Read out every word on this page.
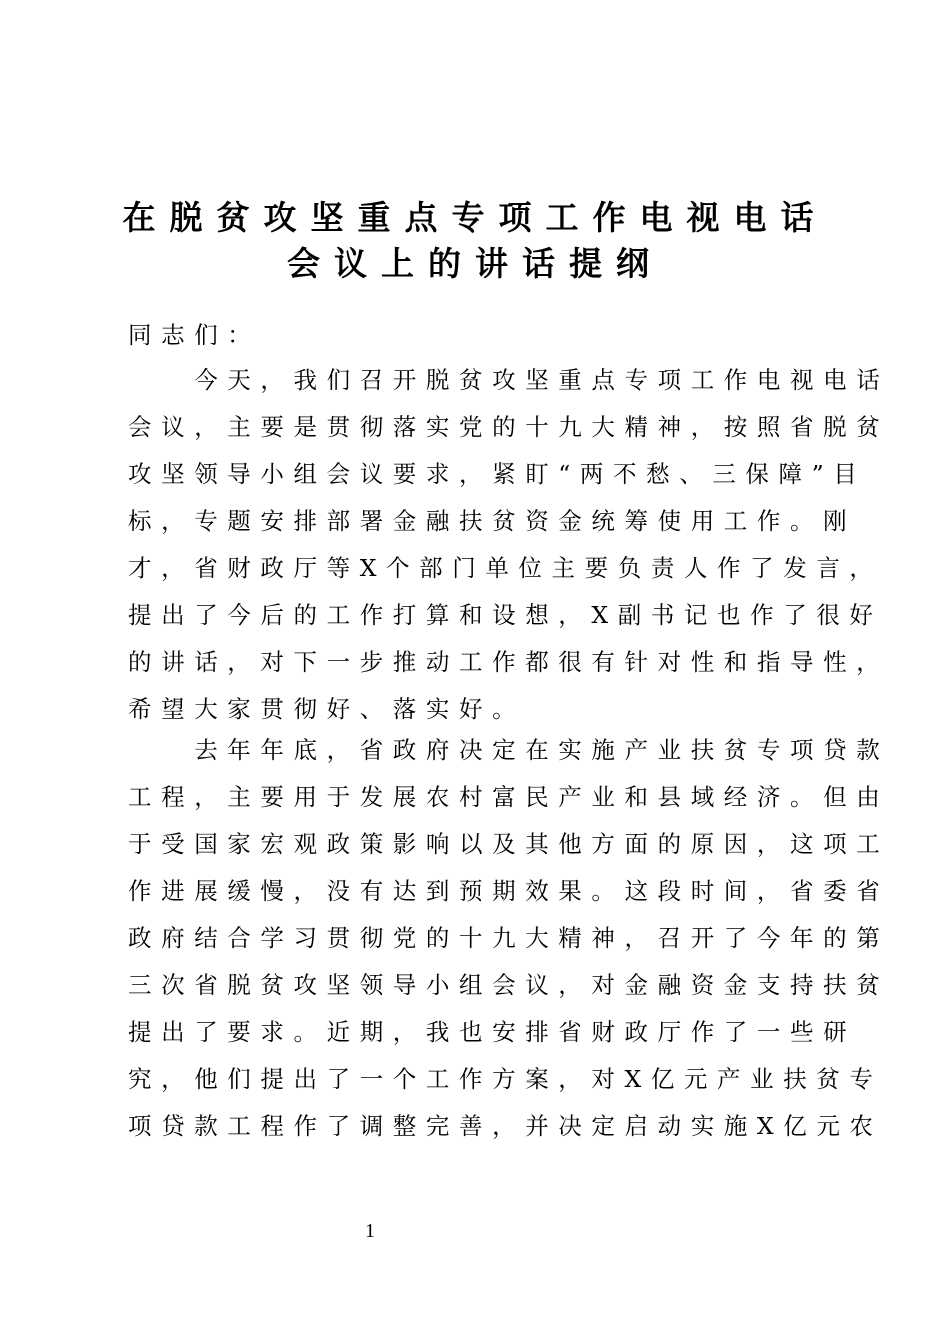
在脱贫攻坚重点专项工作电视电话
会议上的讲话提纲
同志们：
　　今天，我们召开脱贫攻坚重点专项工作电视电话
会议，主要是贯彻落实党的十九大精神，按照省脱贫
攻坚领导小组会议要求，紧盯“两不愁、三保障”目
标，专题安排部署金融扶贫资金统筹使用工作。刚
才，省财政厅等X个部门单位主要负责人作了发言，
提出了今后的工作打算和设想，X副书记也作了很好
的讲话，对下一步推动工作都很有针对性和指导性，
希望大家贯彻好、落实好。
　　去年年底，省政府决定在实施产业扶贫专项贷款
工程，主要用于发展农村富民产业和县域经济。但由
于受国家宏观政策影响以及其他方面的原因，这项工
作进展缓慢，没有达到预期效果。这段时间，省委省
政府结合学习贯彻党的十九大精神，召开了今年的第
三次省脱贫攻坚领导小组会议，对金融资金支持扶贫
提出了要求。近期，我也安排省财政厅作了一些研
究，他们提出了一个工作方案，对X亿元产业扶贫专
项贷款工程作了调整完善，并决定启动实施X亿元农
1
